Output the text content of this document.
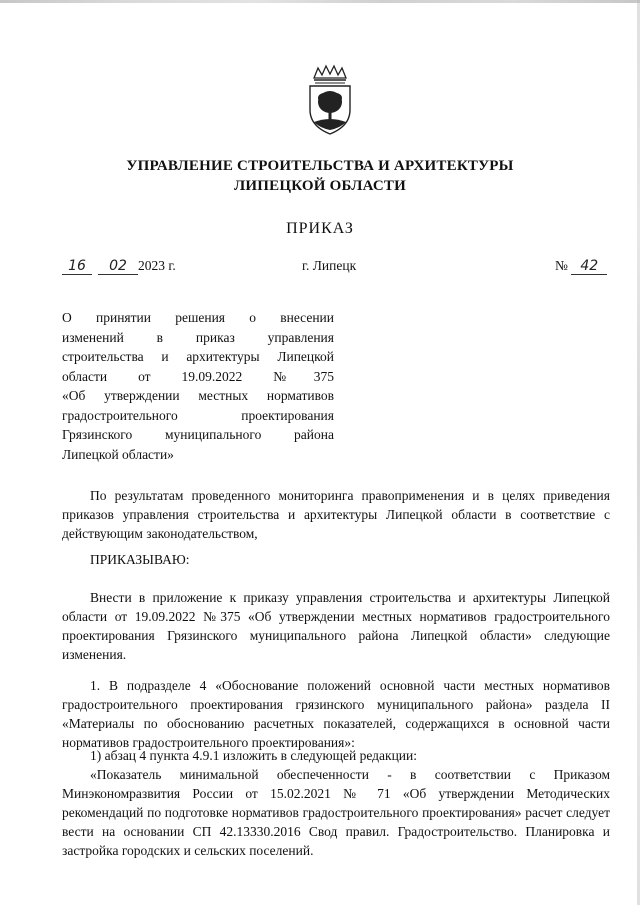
УПРАВЛЕНИЕ СТРОИТЕЛЬСТВА И АРХИТЕКТУРЫ
ЛИПЕЦКОЙ ОБЛАСТИ
ПРИКАЗ
16 02 2023 г.	г. Липецк	№ 42
О принятии решения о внесении
изменений в приказ управления
строительства и архитектуры Липецкой
области от 19.09.2022 №375
«Об утверждении местных нормативов
градостроительного проектирования
Грязинского муниципального района
Липецкой области»
По результатам проведенного мониторинга правоприменения и в целях приведения приказов управления строительства и архитектуры Липецкой области в соответствие с действующим законодательством,
ПРИКАЗЫВАЮ:
Внести в приложение к приказу управления строительства и архитектуры Липецкой области от 19.09.2022 №375 «Об утверждении местных нормативов градостроительного проектирования Грязинского муниципального района Липецкой области» следующие изменения.
1. В подразделе 4 «Обоснование положений основной части местных нормативов градостроительного проектирования грязинского муниципального района» раздела II «Материалы по обоснованию расчетных показателей, содержащихся в основной части нормативов градостроительного проектирования»:
1) абзац 4 пункта 4.9.1 изложить в следующей редакции:
«Показатель минимальной обеспеченности - в соответствии с Приказом Минэкономразвития России от 15.02.2021 № 71 «Об утверждении Методических рекомендаций по подготовке нормативов градостроительного проектирования» расчет следует вести на основании СП 42.13330.2016 Свод правил. Градостроительство. Планировка и застройка городских и сельских поселений.
